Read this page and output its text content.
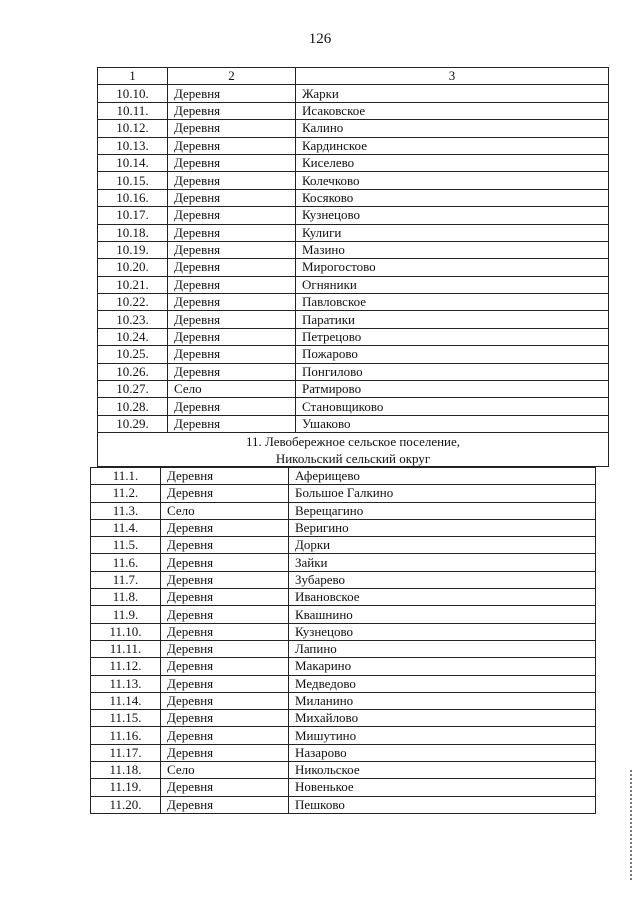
126
1	2	3
10.10.	Деревня	Жарки
10.11.	Деревня	Исаковское
10.12.	Деревня	Калино
10.13.	Деревня	Кардинское
10.14.	Деревня	Киселево
10.15.	Деревня	Колечково
10.16.	Деревня	Косяково
10.17.	Деревня	Кузнецово
10.18.	Деревня	Кулиги
10.19.	Деревня	Мазино
10.20.	Деревня	Мирогостово
10.21.	Деревня	Огняники
10.22.	Деревня	Павловское
10.23.	Деревня	Паратики
10.24.	Деревня	Петрецово
10.25.	Деревня	Пожарово
10.26.	Деревня	Понгилово
10.27.	Село	Ратмирово
10.28.	Деревня	Становщиково
10.29.	Деревня	Ушаково
11. Левобережное сельское поселение,
Никольский сельский округ
11.1.	Деревня	Аферищево
11.2.	Деревня	Большое Галкино
11.3.	Село	Верещагино
11.4.	Деревня	Веригино
11.5.	Деревня	Дорки
11.6.	Деревня	Зайки
11.7.	Деревня	Зубарево
11.8.	Деревня	Ивановское
11.9.	Деревня	Квашнино
11.10.	Деревня	Кузнецово
11.11.	Деревня	Лапино
11.12.	Деревня	Макарино
11.13.	Деревня	Медведово
11.14.	Деревня	Миланино
11.15.	Деревня	Михайлово
11.16.	Деревня	Мишутино
11.17.	Деревня	Назарово
11.18.	Село	Никольское
11.19.	Деревня	Новенькое
11.20.	Деревня	Пешково
